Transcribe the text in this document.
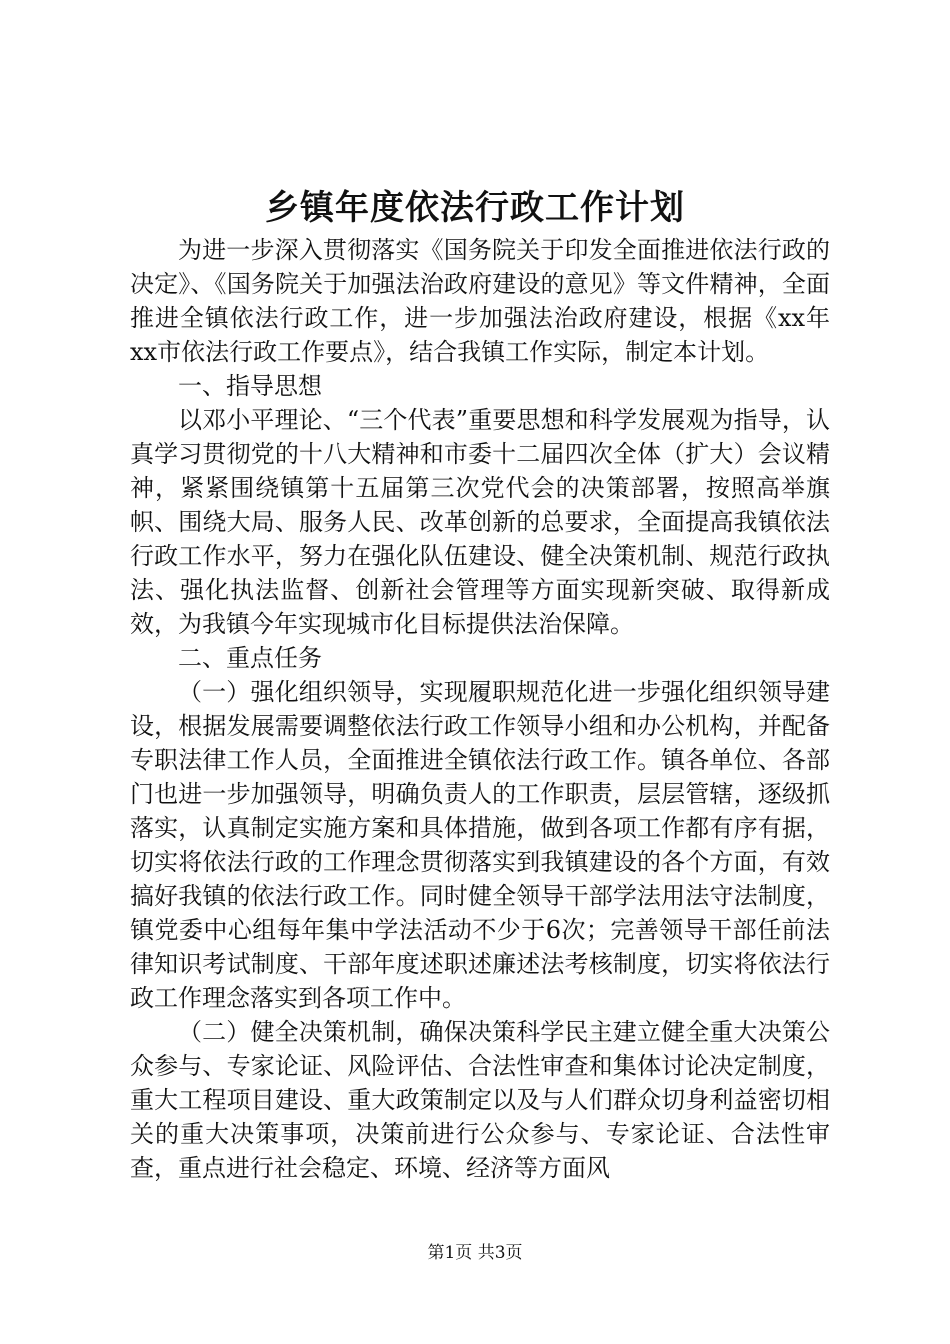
乡镇年度依法行政工作计划

为进一步深入贯彻落实《国务院关于印发全面推进依法行政的决定》、《国务院关于加强法治政府建设的意见》等文件精神，全面推进全镇依法行政工作，进一步加强法治政府建设，根据《xx年xx市依法行政工作要点》，结合我镇工作实际，制定本计划。

一、指导思想

以邓小平理论、“三个代表”重要思想和科学发展观为指导，认真学习贯彻党的十八大精神和市委十二届四次全体（扩大）会议精神，紧紧围绕镇第十五届第三次党代会的决策部署，按照高举旗帜、围绕大局、服务人民、改革创新的总要求，全面提高我镇依法行政工作水平，努力在强化队伍建设、健全决策机制、规范行政执法、强化执法监督、创新社会管理等方面实现新突破、取得新成效，为我镇今年实现城市化目标提供法治保障。

二、重点任务

（一）强化组织领导，实现履职规范化进一步强化组织领导建设，根据发展需要调整依法行政工作领导小组和办公机构，并配备专职法律工作人员，全面推进全镇依法行政工作。镇各单位、各部门也进一步加强领导，明确负责人的工作职责，层层管辖，逐级抓落实，认真制定实施方案和具体措施，做到各项工作都有序有据，切实将依法行政的工作理念贯彻落实到我镇建设的各个方面，有效搞好我镇的依法行政工作。同时健全领导干部学法用法守法制度，镇党委中心组每年集中学法活动不少于6次；完善领导干部任前法律知识考试制度、干部年度述职述廉述法考核制度，切实将依法行政工作理念落实到各项工作中。

（二）健全决策机制，确保决策科学民主建立健全重大决策公众参与、专家论证、风险评估、合法性审查和集体讨论决定制度，重大工程项目建设、重大政策制定以及与人们群众切身利益密切相关的重大决策事项，决策前进行公众参与、专家论证、合法性审查，重点进行社会稳定、环境、经济等方面风

第1页 共3页
